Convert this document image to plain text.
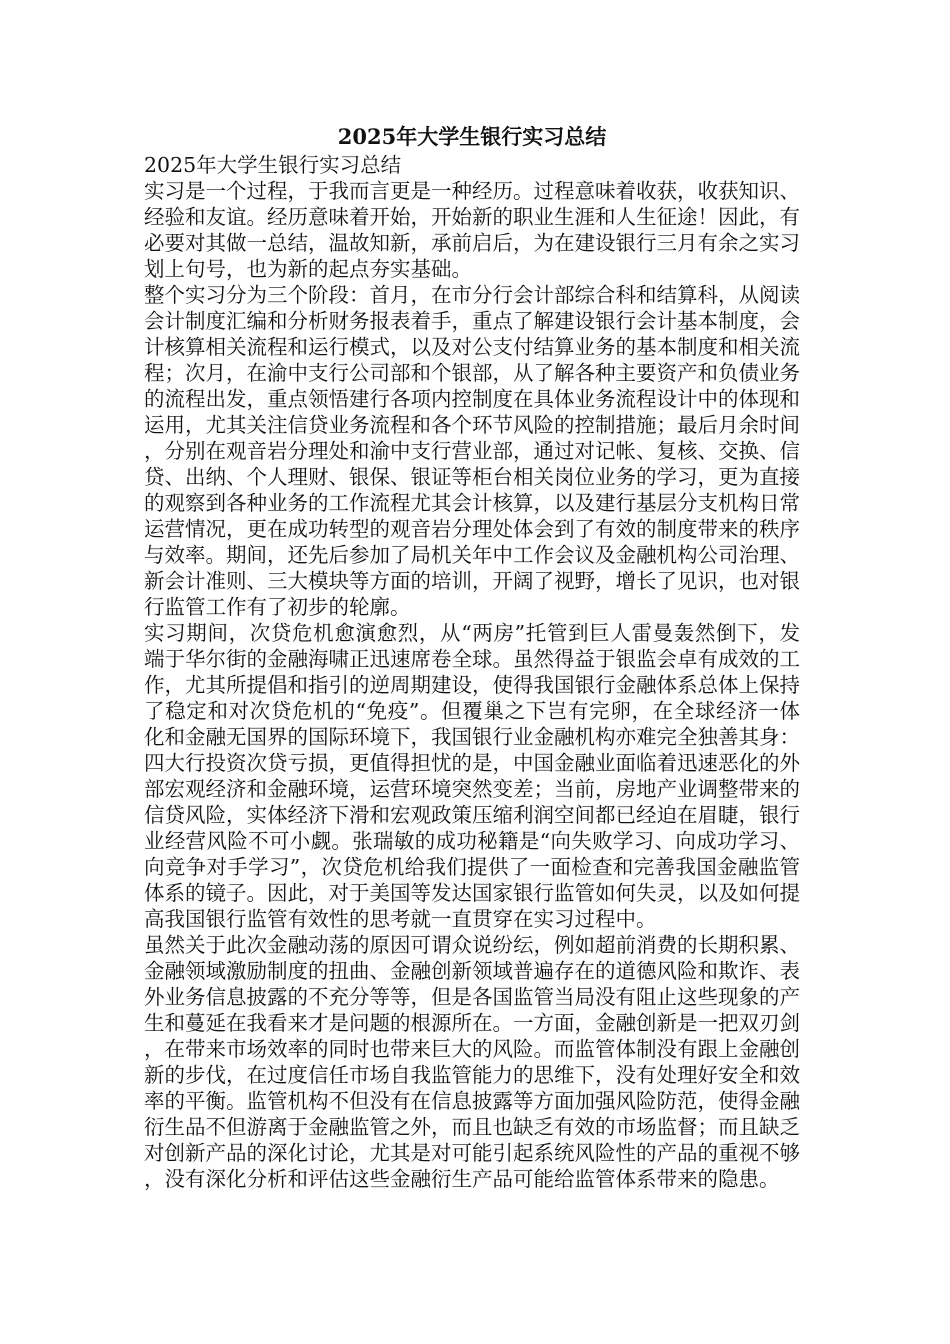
2025年大学生银行实习总结

2025年大学生银行实习总结

实习是一个过程，于我而言更是一种经历。过程意味着收获，收获知识、经验和友谊。经历意味着开始，开始新的职业生涯和人生征途！因此，有必要对其做一总结，温故知新，承前启后，为在建设银行三月有余之实习划上句号，也为新的起点夯实基础。

整个实习分为三个阶段：首月，在市分行会计部综合科和结算科，从阅读会计制度汇编和分析财务报表着手，重点了解建设银行会计基本制度，会计核算相关流程和运行模式，以及对公支付结算业务的基本制度和相关流程；次月，在渝中支行公司部和个银部，从了解各种主要资产和负债业务的流程出发，重点领悟建行各项内控制度在具体业务流程设计中的体现和运用，尤其关注信贷业务流程和各个环节风险的控制措施；最后月余时间，分别在观音岩分理处和渝中支行营业部，通过对记帐、复核、交换、信贷、出纳、个人理财、银保、银证等柜台相关岗位业务的学习，更为直接的观察到各种业务的工作流程尤其会计核算，以及建行基层分支机构日常运营情况，更在成功转型的观音岩分理处体会到了有效的制度带来的秩序与效率。期间，还先后参加了局机关年中工作会议及金融机构公司治理、新会计准则、三大模块等方面的培训，开阔了视野，增长了见识，也对银行监管工作有了初步的轮廓。

实习期间，次贷危机愈演愈烈，从“两房”托管到巨人雷曼轰然倒下，发端于华尔街的金融海啸正迅速席卷全球。虽然得益于银监会卓有成效的工作，尤其所提倡和指引的逆周期建设，使得我国银行金融体系总体上保持了稳定和对次贷危机的“免疫”。但覆巢之下岂有完卵，在全球经济一体化和金融无国界的国际环境下，我国银行业金融机构亦难完全独善其身：四大行投资次贷亏损，更值得担忧的是，中国金融业面临着迅速恶化的外部宏观经济和金融环境，运营环境突然变差；当前，房地产业调整带来的信贷风险，实体经济下滑和宏观政策压缩利润空间都已经迫在眉睫，银行业经营风险不可小觑。张瑞敏的成功秘籍是“向失败学习、向成功学习、向竞争对手学习”，次贷危机给我们提供了一面检查和完善我国金融监管体系的镜子。因此，对于美国等发达国家银行监管如何失灵，以及如何提高我国银行监管有效性的思考就一直贯穿在实习过程中。

虽然关于此次金融动荡的原因可谓众说纷纭，例如超前消费的长期积累、金融领域激励制度的扭曲、金融创新领域普遍存在的道德风险和欺诈、表外业务信息披露的不充分等等，但是各国监管当局没有阻止这些现象的产生和蔓延在我看来才是问题的根源所在。一方面，金融创新是一把双刃剑，在带来市场效率的同时也带来巨大的风险。而监管体制没有跟上金融创新的步伐，在过度信任市场自我监管能力的思维下，没有处理好安全和效率的平衡。监管机构不但没有在信息披露等方面加强风险防范，使得金融衍生品不但游离于金融监管之外，而且也缺乏有效的市场监督；而且缺乏对创新产品的深化讨论，尤其是对可能引起系统风险性的产品的重视不够，没有深化分析和评估这些金融衍生产品可能给监管体系带来的隐患。
